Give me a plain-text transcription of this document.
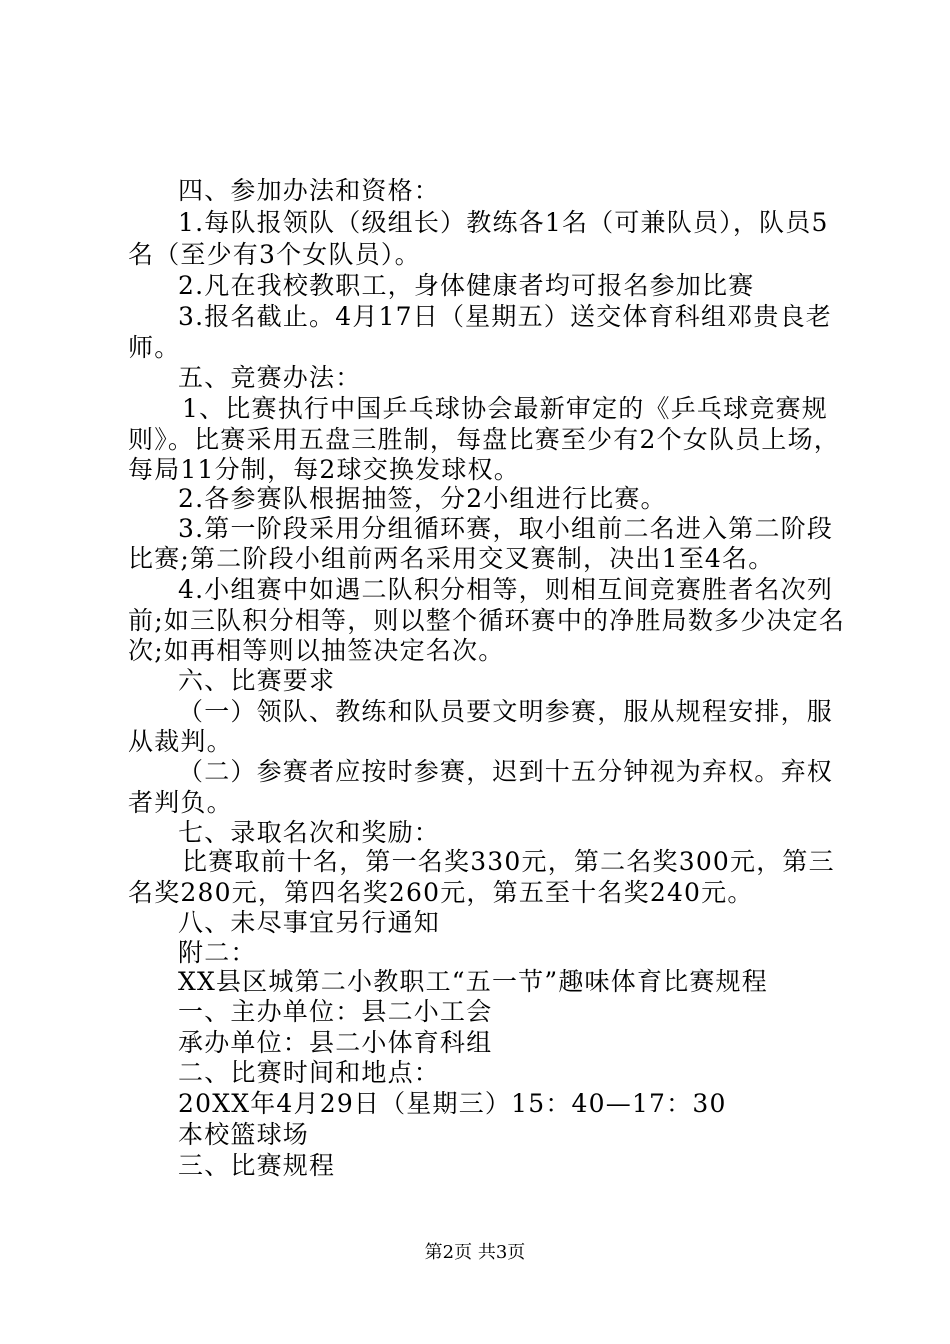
四、参加办法和资格：
1.每队报领队（级组长）教练各1名（可兼队员），队员5
名（至少有3个女队员）。
2.凡在我校教职工，身体健康者均可报名参加比赛
3.报名截止。4月17日（星期五）送交体育科组邓贵良老
师。
五、竞赛办法：
1、比赛执行中国乒乓球协会最新审定的《乒乓球竞赛规
则》。比赛采用五盘三胜制，每盘比赛至少有2个女队员上场，
每局11分制，每2球交换发球权。
2.各参赛队根据抽签，分2小组进行比赛。
3.第一阶段采用分组循环赛，取小组前二名进入第二阶段
比赛;第二阶段小组前两名采用交叉赛制，决出1至4名。
4.小组赛中如遇二队积分相等，则相互间竞赛胜者名次列
前;如三队积分相等，则以整个循环赛中的净胜局数多少决定名
次;如再相等则以抽签决定名次。
六、比赛要求
（一）领队、教练和队员要文明参赛，服从规程安排，服
从裁判。
（二）参赛者应按时参赛，迟到十五分钟视为弃权。弃权
者判负。
七、录取名次和奖励：
比赛取前十名，第一名奖330元，第二名奖300元，第三
名奖280元，第四名奖260元，第五至十名奖240元。
八、未尽事宜另行通知
附二：
XX县区城第二小教职工“五一节”趣味体育比赛规程
一、主办单位：县二小工会
承办单位：县二小体育科组
二、比赛时间和地点：
20XX年4月29日（星期三）15：40—17：30
本校篮球场
三、比赛规程
第2页 共3页
